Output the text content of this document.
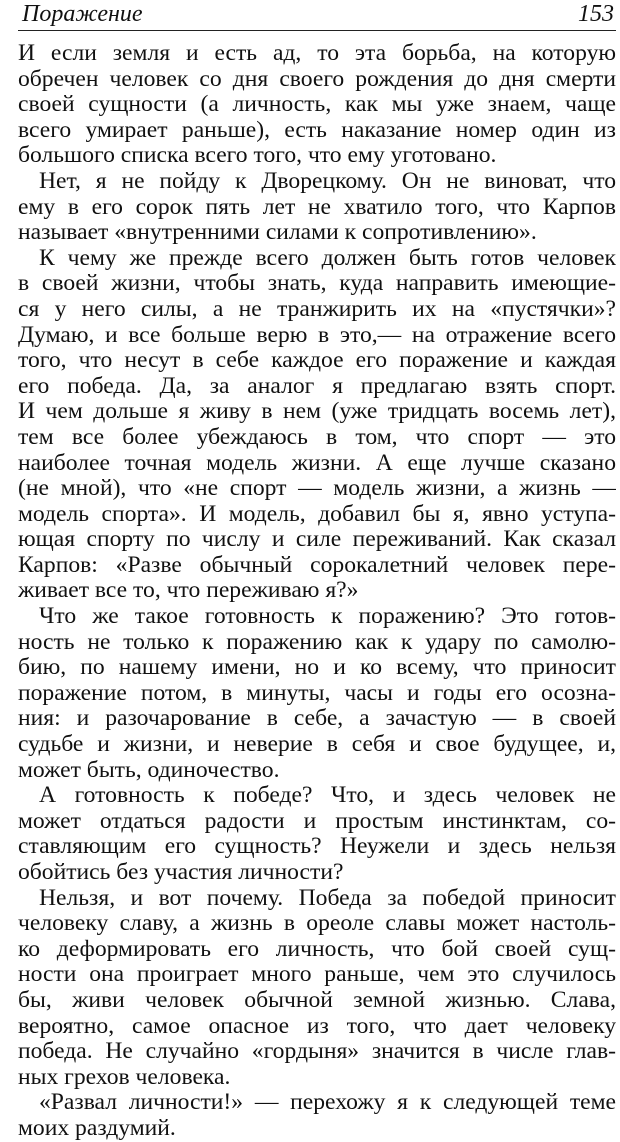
Поражение	153
И если земля и есть ад, то эта борьба, на которую
обречен человек со дня своего рождения до дня смерти
своей сущности (а личность, как мы уже знаем, чаще
всего умирает раньше), есть наказание номер один из
большого списка всего того, что ему уготовано.
Нет, я не пойду к Дворецкому. Он не виноват, что
ему в его сорок пять лет не хватило того, что Карпов
называет «внутренними силами к сопротивлению».
К чему же прежде всего должен быть готов человек
в своей жизни, чтобы знать, куда направить имеющие-
ся у него силы, а не транжирить их на «пустячки»?
Думаю, и все больше верю в это,— на отражение всего
того, что несут в себе каждое его поражение и каждая
его победа. Да, за аналог я предлагаю взять спорт.
И чем дольше я живу в нем (уже тридцать восемь лет),
тем все более убеждаюсь в том, что спорт — это
наиболее точная модель жизни. А еще лучше сказано
(не мной), что «не спорт — модель жизни, а жизнь —
модель спорта». И модель, добавил бы я, явно уступа-
ющая спорту по числу и силе переживаний. Как сказал
Карпов: «Разве обычный сорокалетний человек пере-
живает все то, что переживаю я?»
Что же такое готовность к поражению? Это готов-
ность не только к поражению как к удару по самолю-
бию, по нашему имени, но и ко всему, что приносит
поражение потом, в минуты, часы и годы его осозна-
ния: и разочарование в себе, а зачастую — в своей
судьбе и жизни, и неверие в себя и свое будущее, и,
может быть, одиночество.
А готовность к победе? Что, и здесь человек не
может отдаться радости и простым инстинктам, со-
ставляющим его сущность? Неужели и здесь нельзя
обойтись без участия личности?
Нельзя, и вот почему. Победа за победой приносит
человеку славу, а жизнь в ореоле славы может настоль-
ко деформировать его личность, что бой своей сущ-
ности она проиграет много раньше, чем это случилось
бы, живи человек обычной земной жизнью. Слава,
вероятно, самое опасное из того, что дает человеку
победа. Не случайно «гордыня» значится в числе глав-
ных грехов человека.
«Развал личности!» — перехожу я к следующей теме
моих раздумий.
